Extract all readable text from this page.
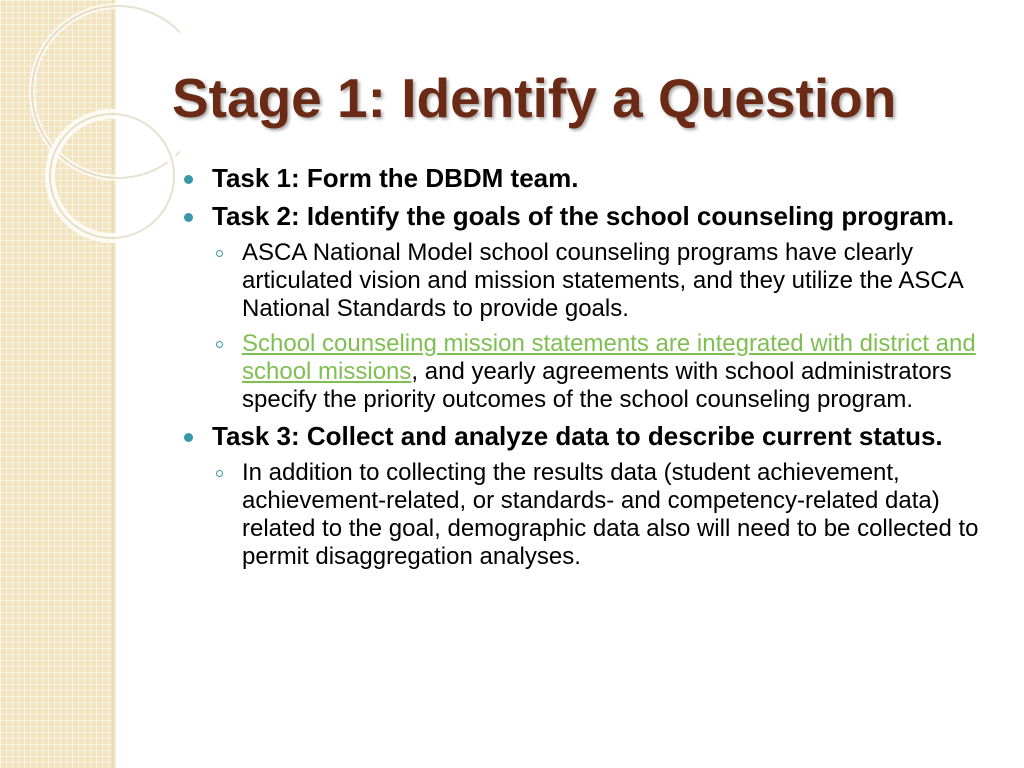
Stage 1: Identify a Question
Task 1: Form the DBDM team.
Task 2: Identify the goals of the school counseling program.
ASCA National Model school counseling programs have clearly articulated vision and mission statements, and they utilize the ASCA National Standards to provide goals.
School counseling mission statements are integrated with district and school missions, and yearly agreements with school administrators specify the priority outcomes of the school counseling program.
Task 3: Collect and analyze data to describe current status.
In addition to collecting the results data (student achievement, achievement-related, or standards- and competency-related data) related to the goal, demographic data also will need to be collected to permit disaggregation analyses.
